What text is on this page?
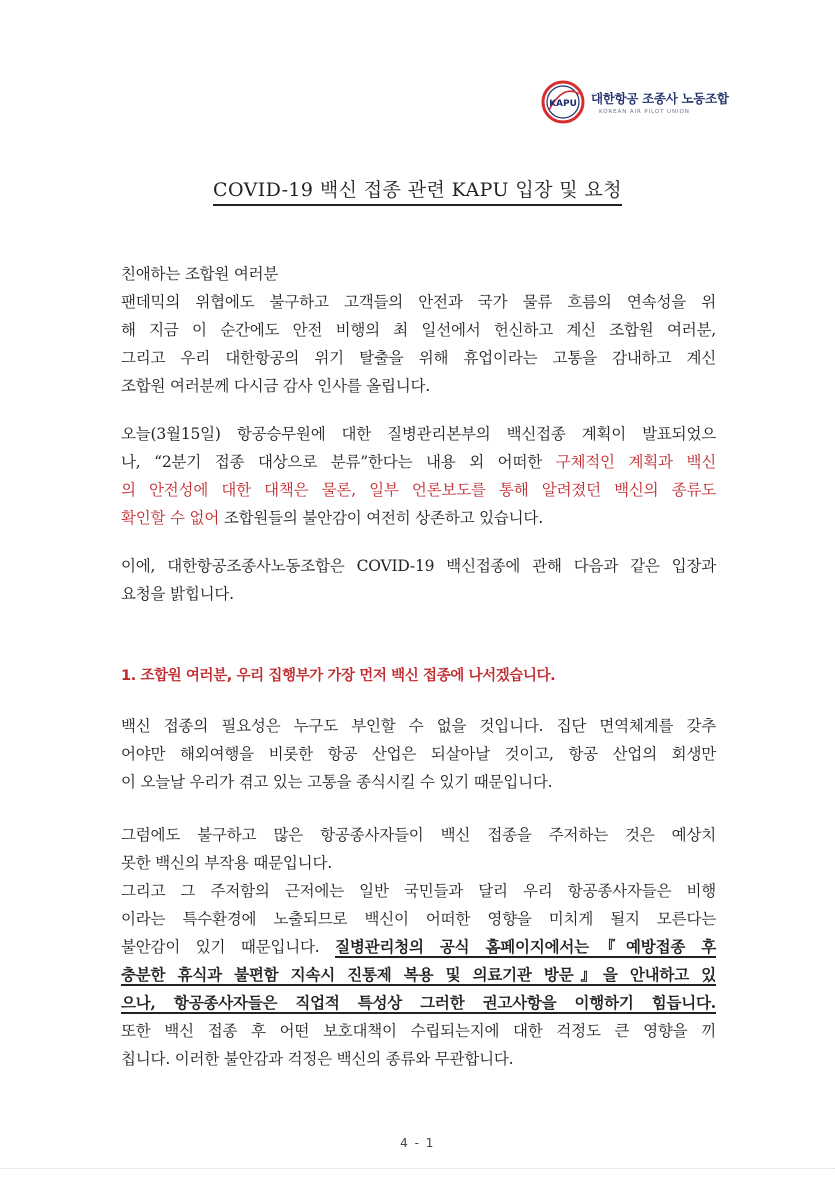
KAPU 대한항공 조종사 노동조합
KOREAN AIR PILOT UNION
COVID-19 백신 접종 관련 KAPU 입장 및 요청
친애하는 조합원 여러분
팬데믹의 위협에도 불구하고 고객들의 안전과 국가 물류 흐름의 연속성을 위
해 지금 이 순간에도 안전 비행의 최 일선에서 헌신하고 계신 조합원 여러분,
그리고 우리 대한항공의 위기 탈출을 위해 휴업이라는 고통을 감내하고 계신
조합원 여러분께 다시금 감사 인사를 올립니다.
오늘(3월15일) 항공승무원에 대한 질병관리본부의 백신접종 계획이 발표되었으
나, “2분기 접종 대상으로 분류”한다는 내용 외 어떠한 구체적인 계획과 백신
의 안전성에 대한 대책은 물론, 일부 언론보도를 통해 알려졌던 백신의 종류도
확인할 수 없어 조합원들의 불안감이 여전히 상존하고 있습니다.
이에, 대한항공조종사노동조합은 COVID-19 백신접종에 관해 다음과 같은 입장과
요청을 밝힙니다.
1. 조합원 여러분, 우리 집행부가 가장 먼저 백신 접종에 나서겠습니다.
백신 접종의 필요성은 누구도 부인할 수 없을 것입니다. 집단 면역체계를 갖추
어야만 해외여행을 비롯한 항공 산업은 되살아날 것이고, 항공 산업의 회생만
이 오늘날 우리가 겪고 있는 고통을 종식시킬 수 있기 때문입니다.
그럼에도 불구하고 많은 항공종사자들이 백신 접종을 주저하는 것은 예상치
못한 백신의 부작용 때문입니다.
그리고 그 주저함의 근저에는 일반 국민들과 달리 우리 항공종사자들은 비행
이라는 특수환경에 노출되므로 백신이 어떠한 영향을 미치게 될지 모른다는
불안감이 있기 때문입니다. 질병관리청의 공식 홈페이지에서는『예방접종 후
충분한 휴식과 불편함 지속시 진통제 복용 및 의료기관 방문』을 안내하고 있
으나, 항공종사자들은 직업적 특성상 그러한 권고사항을 이행하기 힘듭니다.
또한 백신 접종 후 어떤 보호대책이 수립되는지에 대한 걱정도 큰 영향을 끼
칩니다. 이러한 불안감과 걱정은 백신의 종류와 무관합니다.
4 - 1
